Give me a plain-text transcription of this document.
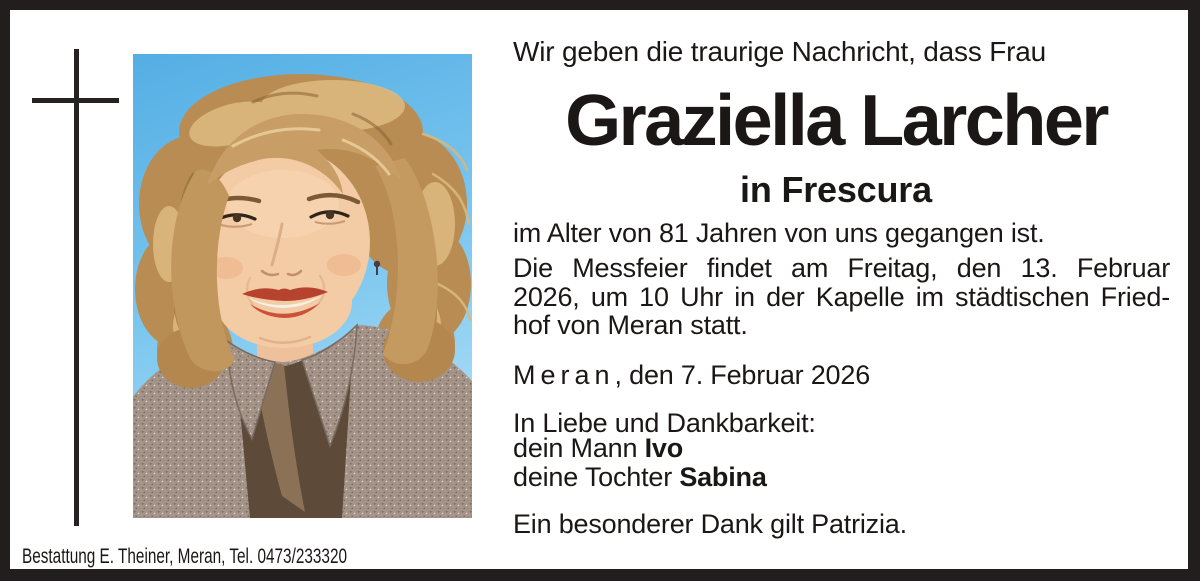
Wir geben die traurige Nachricht, dass Frau
Graziella Larcher
in Frescura
im Alter von 81 Jahren von uns gegangen ist.
Die Messfeier findet am Freitag, den 13. Februar
2026, um 10 Uhr in der Kapelle im städtischen Fried-
hof von Meran statt.
Meran, den 7. Februar 2026
In Liebe und Dankbarkeit:
dein Mann Ivo
deine Tochter Sabina
Ein besonderer Dank gilt Patrizia.
Bestattung E. Theiner, Meran, Tel. 0473/233320
